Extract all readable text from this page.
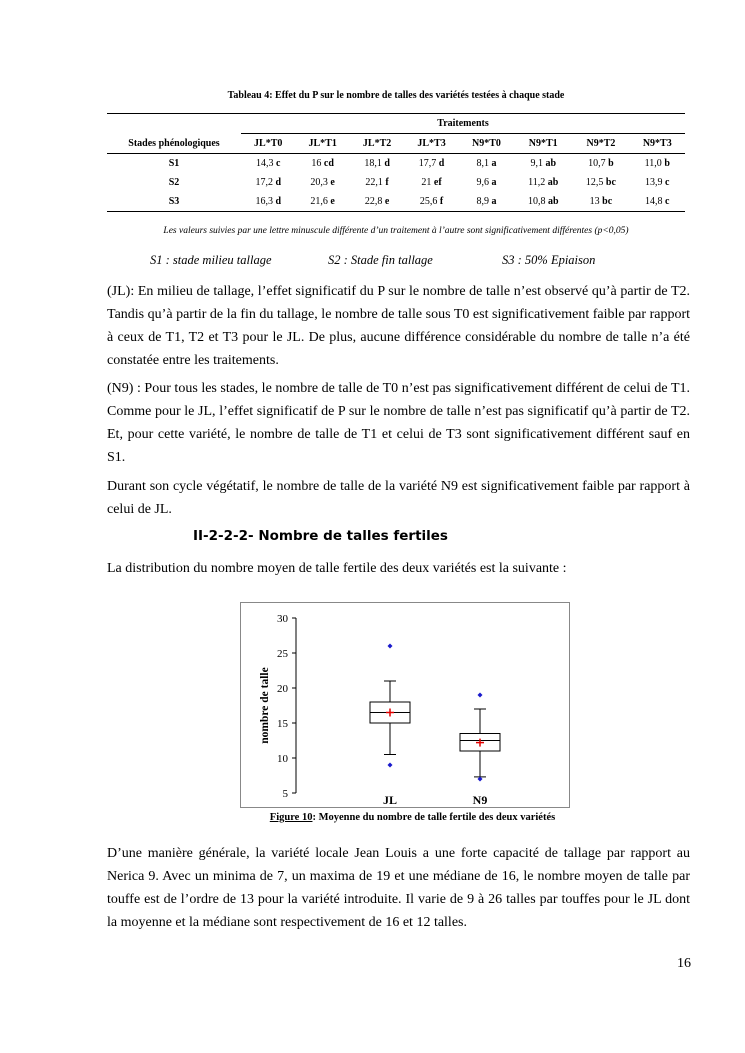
Tableau 4: Effet du P sur le nombre de talles des variétés testées à chaque stade
	Traitements							
Stades phénologiques	JL*T0	JL*T1	JL*T2	JL*T3	N9*T0	N9*T1	N9*T2	N9*T3
S1	14,3 c	16 cd	18,1 d	17,7 d	8,1 a	9,1 ab	10,7 b	11,0 b
S2	17,2 d	20,3 e	22,1 f	21 ef	9,6 a	11,2 ab	12,5 bc	13,9 c
S3	16,3 d	21,6 e	22,8 e	25,6 f	8,9 a	10,8 ab	13 bc	14,8 c
Les valeurs suivies par une lettre minuscule différente d’un traitement à l’autre sont significativement différentes (p<0,05)
S1 : stade milieu tallage	S2 : Stade fin tallage	S3 : 50% Epiaison
(JL): En milieu de tallage, l’effet significatif du P sur le nombre de talle n’est observé qu’à partir de T2. Tandis qu’à partir de la fin du tallage, le nombre de talle sous T0 est significativement faible par rapport à ceux de T1, T2 et T3 pour le JL. De plus, aucune différence considérable du nombre de talle n’a été constatée entre les traitements.
(N9) : Pour tous les stades, le nombre de talle de T0 n’est pas significativement différent de celui de T1. Comme pour le JL, l’effet significatif de P sur le nombre de talle n’est pas significatif qu’à partir de T2. Et, pour cette variété, le nombre de talle de T1 et celui de T3 sont significativement différent sauf en S1.
Durant son cycle végétatif, le nombre de talle de la variété N9 est significativement faible par rapport à celui de JL.
II-2-2-2- Nombre de talles fertiles
La distribution du nombre moyen de talle fertile des deux variétés est la suivante :
5
10
15
20
25
30
nombre de talle
JL	N9
Figure 10: Moyenne du nombre de talle fertile des deux variétés
D’une manière générale, la variété locale Jean Louis a une forte capacité de tallage par rapport au Nerica 9. Avec un minima de 7, un maxima de 19 et une médiane de 16, le nombre moyen de talle par touffe est de l’ordre de 13 pour la variété introduite. Il varie de 9 à 26 talles par touffes pour le JL dont la moyenne et la médiane sont respectivement de 16 et 12 talles.
16
